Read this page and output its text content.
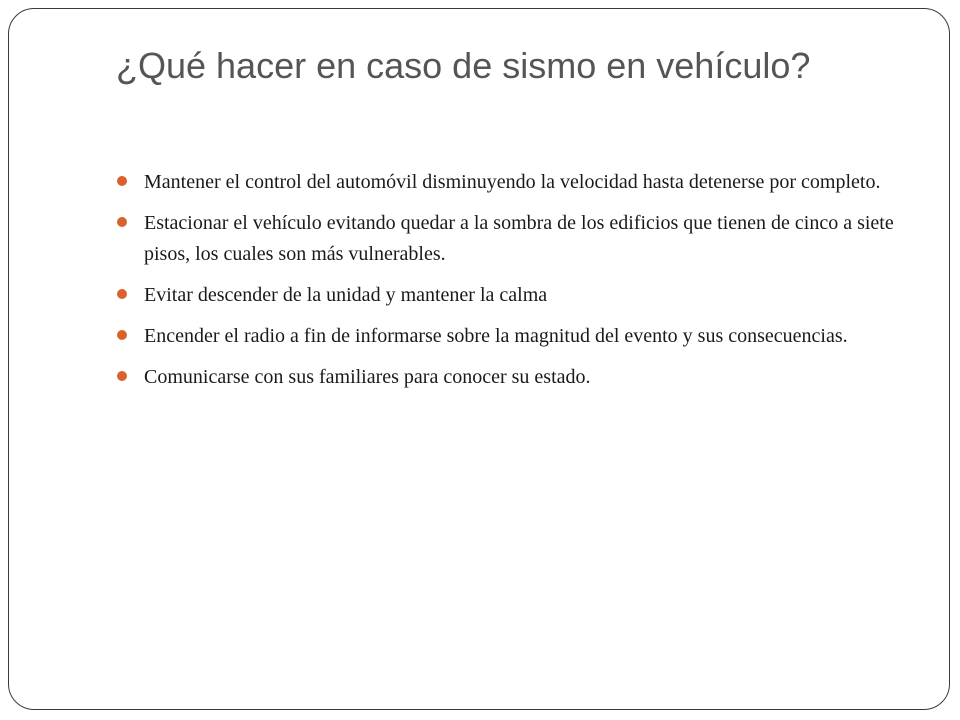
¿Qué hacer en caso de sismo en vehículo?
Mantener el control del automóvil disminuyendo la velocidad hasta detenerse por completo.
Estacionar el vehículo evitando quedar a la sombra de los edificios que tienen de cinco a siete pisos, los cuales son más vulnerables.
Evitar descender de la unidad y mantener la calma
Encender el radio a fin de informarse sobre la magnitud del evento y sus consecuencias.
Comunicarse con sus familiares para conocer su estado.
